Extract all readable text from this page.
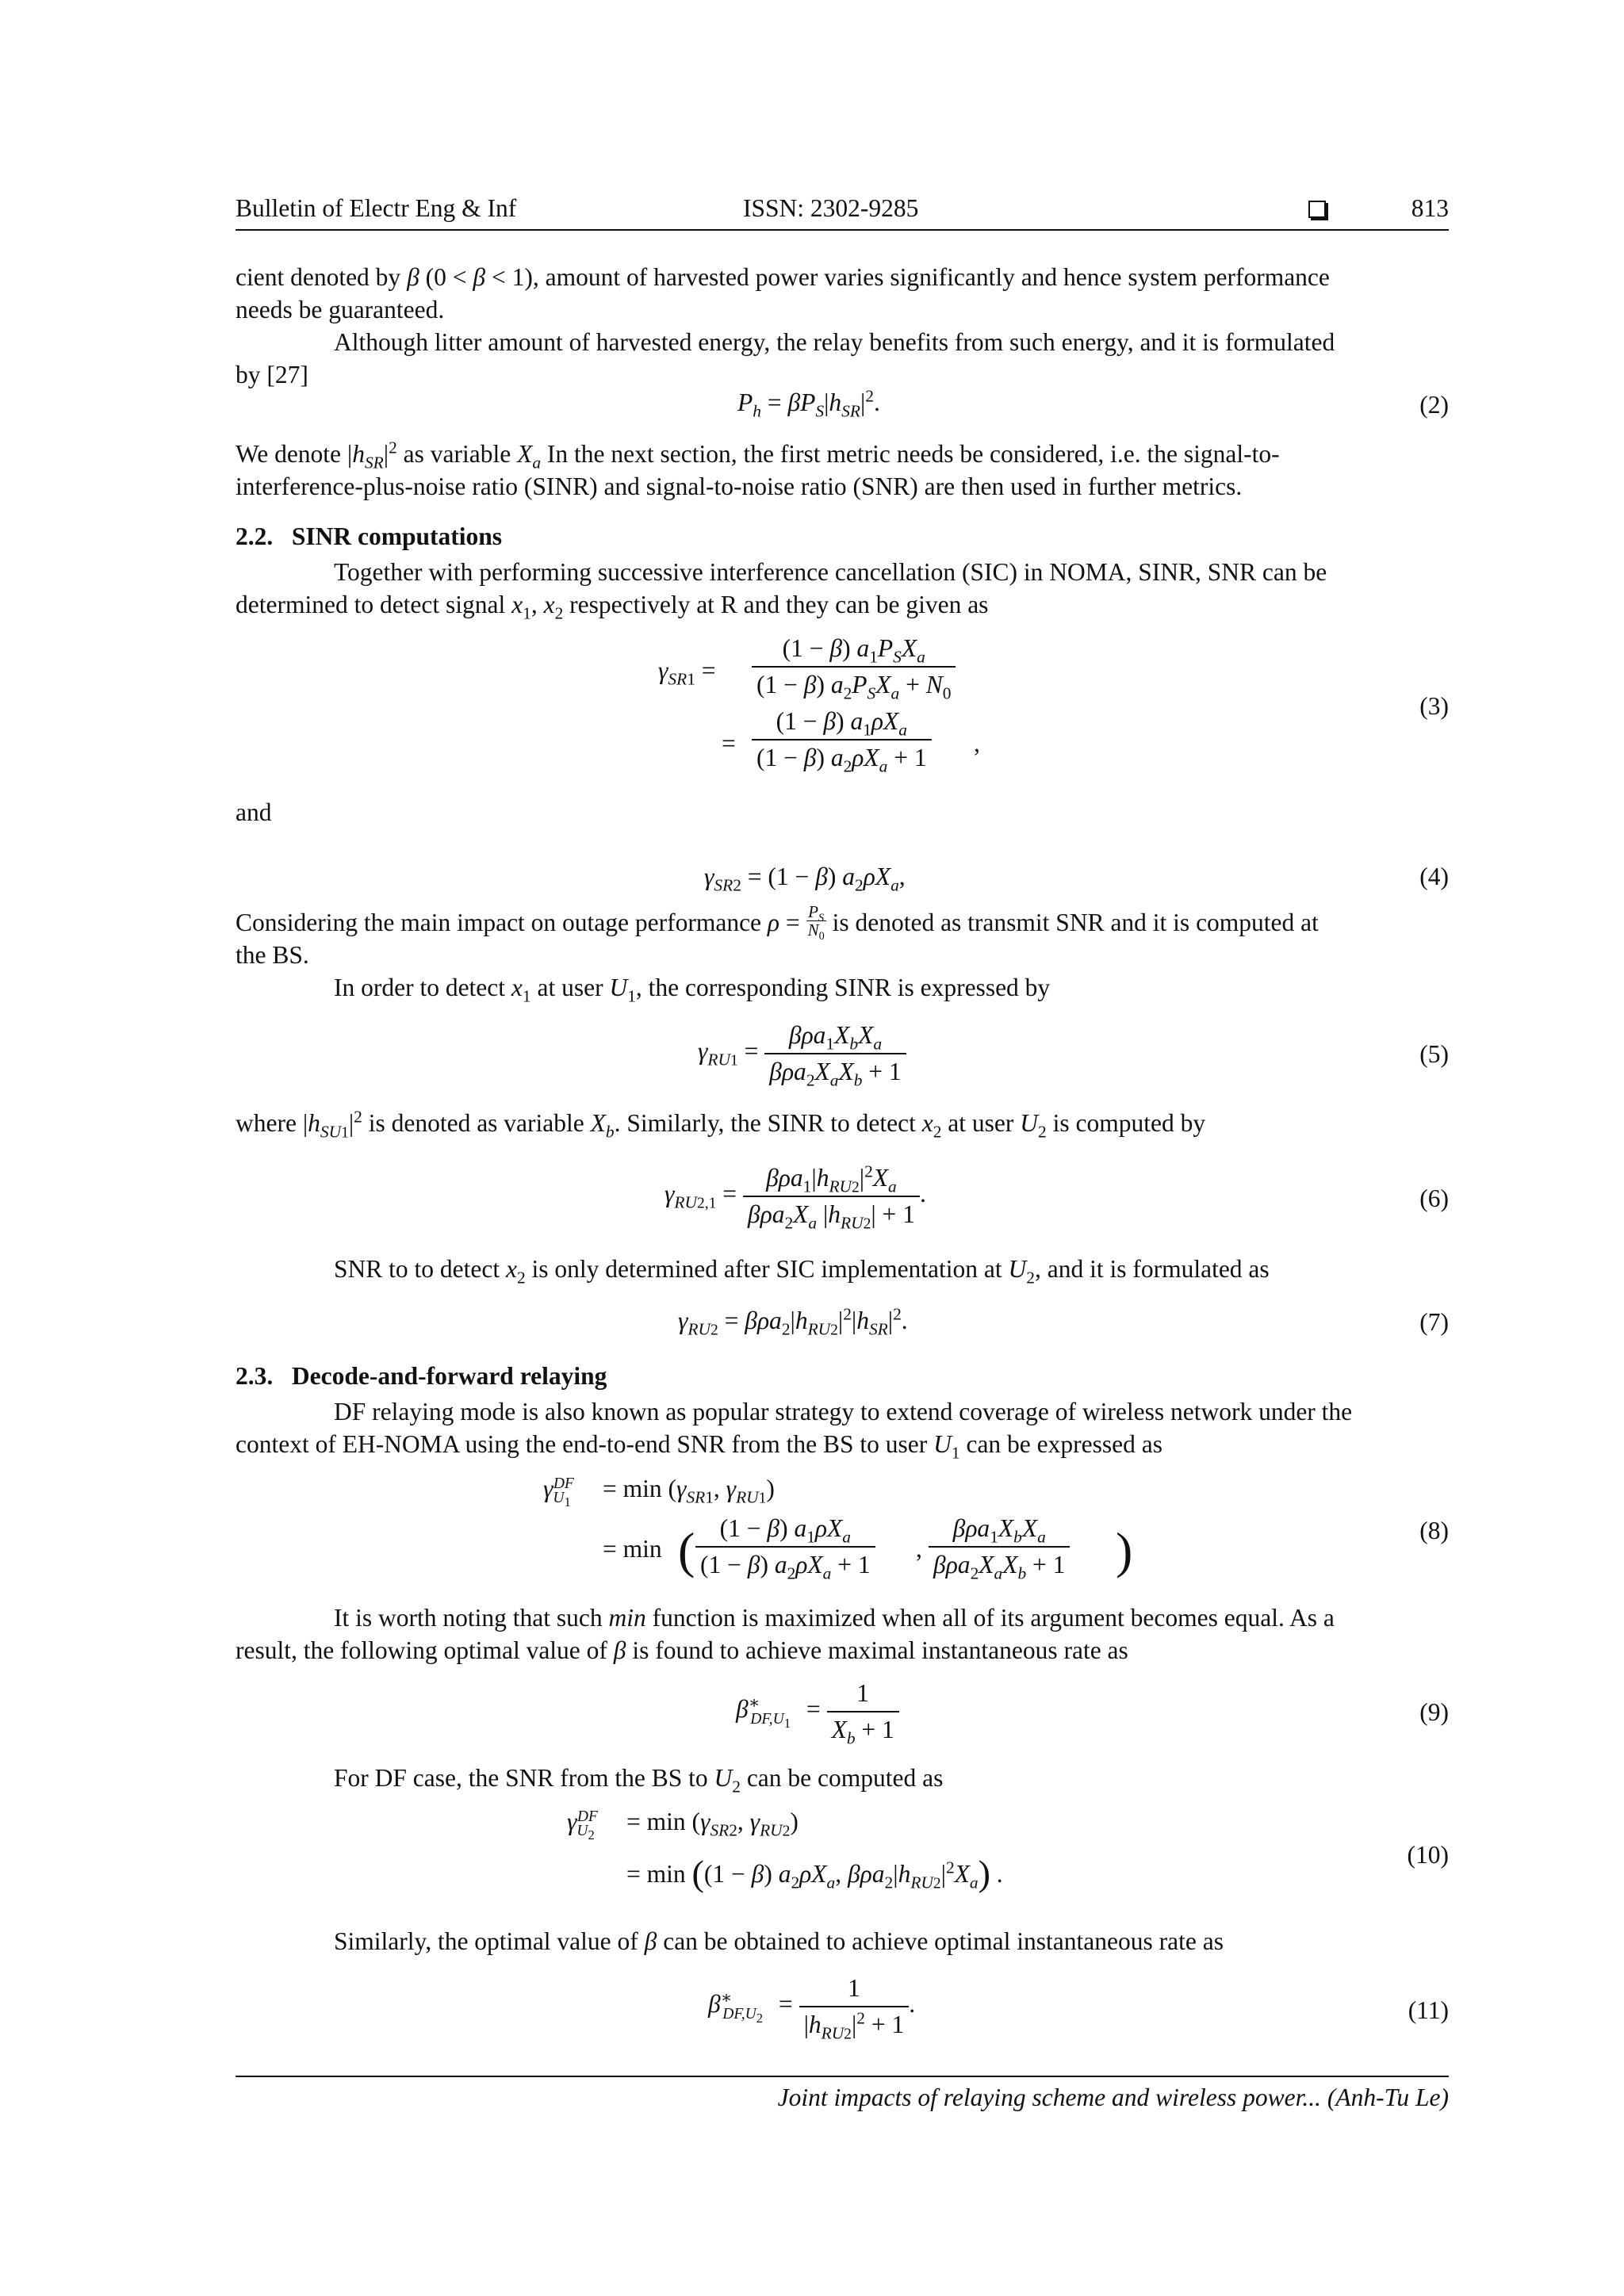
Bulletin of Electr Eng & Inf	ISSN: 2302-9285	813
cient denoted by β (0 < β < 1), amount of harvested power varies significantly and hence system performance
needs be guaranteed.
Although litter amount of harvested energy, the relay benefits from such energy, and it is formulated
by [27]
$P_h = \beta P_S|h_{SR}|^2$.	(2)
We denote $|h_{SR}|^2$ as variable $X_a$ In the next section, the first metric needs be considered, i.e. the signal-to-
interference-plus-noise ratio (SINR) and signal-to-noise ratio (SNR) are then used in further metrics.
2.2. SINR computations
Together with performing successive interference cancellation (SIC) in NOMA, SINR, SNR can be
determined to detect signal $x_1$, $x_2$ respectively at R and they can be given as
$\gamma_{SR1}$ =
(1 − β) $a_1P_SX_a$
(1 − β) $a_2P_SX_a + N_0$
=
(1 − β) $a_1\rho X_a$
(1 − β) $a_2\rho X_a + 1$
,
(3)
and
$\gamma_{SR2} = (1 - \beta)$ $a_2\rho X_a$,	(4)
Considering the main impact on outage performance $\rho = \frac{P_S}{N_0}$ is denoted as transmit SNR and it is computed at
the BS.
In order to detect $x_1$ at user $U_1$, the corresponding SINR is expressed by
$\gamma_{RU1} = \frac{\beta\rho a_1X_bX_a}{\beta\rho a_2X_aX_b + 1}$	(5)
where $|h_{SU1}|^2$ is denoted as variable $X_b$. Similarly, the SINR to detect $x_2$ at user $U_2$ is computed by
$\gamma_{RU2,1} = \frac{\beta\rho a_1|h_{RU2}|^2X_a}{\beta\rho a_2X_a |h_{RU2}| + 1}$ .	(6)
SNR to to detect $x_2$ is only determined after SIC implementation at $U_2$, and it is formulated as
$\gamma_{RU2} = \beta\rho a_2|h_{RU2}|^2|h_{SR}|^2$.	(7)
2.3. Decode-and-forward relaying
DF relaying mode is also known as popular strategy to extend coverage of wireless network under the
context of EH-NOMA using the end-to-end SNR from the BS to user $U_1$ can be expressed as
$\gamma_{U_1}^{DF}$	= $\min (\gamma_{SR1}$, $\gamma_{RU1}$)
= min ( (1 − β) $a_1\rho X_a$
(1 − β) $a_2\rho X_a + 1$
,
$\beta\rho a_1X_bX_a$
$\beta\rho a_2X_aX_b + 1$ )	(8)
It is worth noting that such min function is maximized when all of its argument becomes equal. As a
result, the following optimal value of β is found to achieve maximal instantaneous rate as
$\beta^∗_{DF,U_1} = \frac{1}{X_b + 1}$	(9)
For DF case, the SNR from the BS to $U_2$ can be computed as
$\gamma_{U_2}^{DF}$	= $\min (\gamma_{SR2}$, $\gamma_{RU2}$)
= min ((1 − β) $a_2\rho X_a$, $\beta\rho a_2|h_{RU2}|^2X_a$) .
(10)
Similarly, the optimal value of β can be obtained to achieve optimal instantaneous rate as
$\beta^∗_{DF,U_2} = \frac{1}{|h_{RU2}|^2 + 1}$ .	(11)
Joint impacts of relaying scheme and wireless power... (Anh-Tu Le)
